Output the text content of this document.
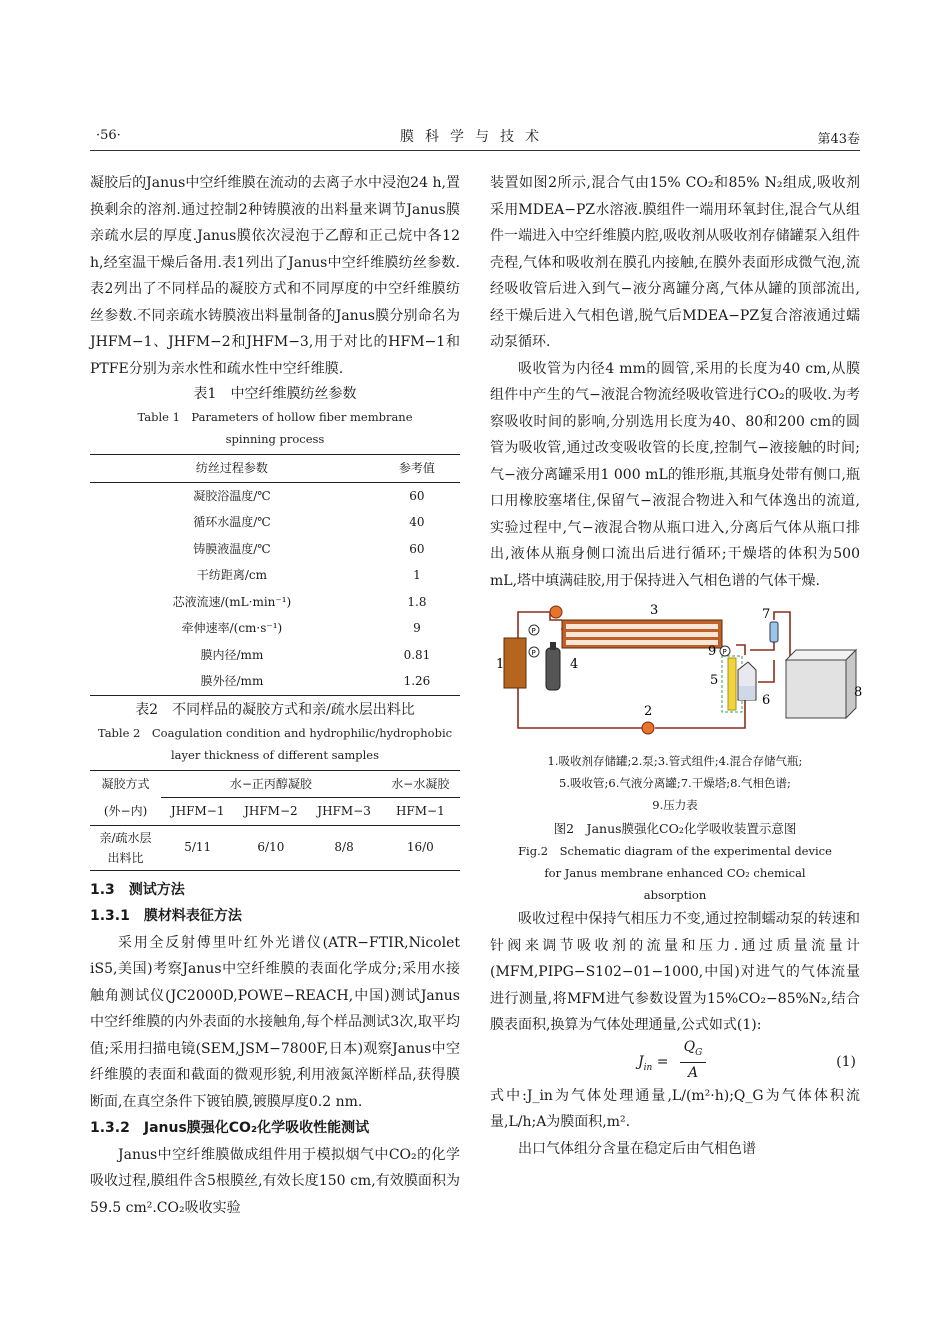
·56·	膜科学与技术	第43卷

凝胶后的Janus中空纤维膜在流动的去离子水中浸泡24 h,置换剩余的溶剂.通过控制2种铸膜液的出料量来调节Janus膜亲疏水层的厚度.Janus膜依次浸泡于乙醇和正己烷中各12 h,经室温干燥后备用.表1列出了Janus中空纤维膜纺丝参数.表2列出了不同样品的凝胶方式和不同厚度的中空纤维膜纺丝参数.不同亲疏水铸膜液出料量制备的Janus膜分别命名为JHFM−1、JHFM−2和JHFM−3,用于对比的HFM−1和PTFE分别为亲水性和疏水性中空纤维膜.

表1　中空纤维膜纺丝参数
Table 1　Parameters of hollow fiber membrane
spinning process
纺丝过程参数	参考值
凝胶浴温度/℃	60
循环水温度/℃	40
铸膜液温度/℃	60
干纺距离/cm	1
芯液流速/(mL·min⁻¹)	1.8
牵伸速率/(cm·s⁻¹)	9
膜内径/mm	0.81
膜外径/mm	1.26
表2　不同样品的凝胶方式和亲/疏水层出料比
Table 2　Coagulation condition and hydrophilic/hydrophobic
layer thickness of different samples
凝胶方式	水−正丙醇凝胶			水−水凝胶
(外−内)	JHFM−1	JHFM−2	JHFM−3	HFM−1

亲/疏水层
出料比	5/11	6/10	8/8	16/0

1.3　测试方法

1.3.1　膜材料表征方法

采用全反射傅里叶红外光谱仪(ATR−FTIR,Nicolet iS5,美国)考察Janus中空纤维膜的表面化学成分;采用水接触角测试仪(JC2000D,POWE−REACH,中国)测试Janus中空纤维膜的内外表面的水接触角,每个样品测试3次,取平均值;采用扫描电镜(SEM,JSM−7800F,日本)观察Janus中空纤维膜的表面和截面的微观形貌,利用液氮淬断样品,获得膜断面,在真空条件下镀铂膜,镀膜厚度0.2 nm.

1.3.2　Janus膜强化CO₂化学吸收性能测试

Janus中空纤维膜做成组件用于模拟烟气中CO₂的化学吸收过程,膜组件含5根膜丝,有效长度150 cm,有效膜面积为59.5 cm².CO₂吸收实验

装置如图2所示,混合气由15% CO₂和85% N₂组成,吸收剂采用MDEA−PZ水溶液.膜组件一端用环氧封住,混合气从组件一端进入中空纤维膜内腔,吸收剂从吸收剂存储罐泵入组件壳程,气体和吸收剂在膜孔内接触,在膜外表面形成微气泡,流经吸收管后进入到气−液分离罐分离,气体从罐的顶部流出,经干燥后进入气相色谱,脱气后MDEA−PZ复合溶液通过蠕动泵循环.

吸收管为内径4 mm的圆管,采用的长度为40 cm,从膜组件中产生的气−液混合物流经吸收管进行CO₂的吸收.为考察吸收时间的影响,分别选用长度为40、80和200 cm的圆管为吸收管,通过改变吸收管的长度,控制气−液接触的时间;气−液分离罐采用1 000 mL的锥形瓶,其瓶身处带有侧口,瓶口用橡胶塞堵住,保留气−液混合物进入和气体逸出的流道,实验过程中,气−液混合物从瓶口进入,分离后气体从瓶口排出,液体从瓶身侧口流出后进行循环;干燥塔的体积为500 mL,塔中填满硅胶,用于保持进入气相色谱的气体干燥.

1
P
P
4
3
5
9 P
6
7
8
2
1.吸收剂存储罐;2.泵;3.管式组件;4.混合存储气瓶;
5.吸收管;6.气液分离罐;7.干燥塔;8.气相色谱;
9.压力表
图2　Janus膜强化CO₂化学吸收装置示意图
Fig.2　Schematic diagram of the experimental device
for Janus membrane enhanced CO₂ chemical
absorption

吸收过程中保持气相压力不变,通过控制蠕动泵的转速和针阀来调节吸收剂的流量和压力.通过质量流量计(MFM,PIPG−S102−01−1000,中国)对进气的气体流量进行测量,将MFM进气参数设置为15%CO₂−85%N₂,结合膜表面积,换算为气体处理通量,公式如式(1):

$J_{in}$ =
$Q_G$
A
(1)

式中:J_in为气体处理通量,L/(m²·h);Q_G为气体体积流量,L/h;A为膜面积,m².

出口气体组分含量在稳定后由气相色谱
